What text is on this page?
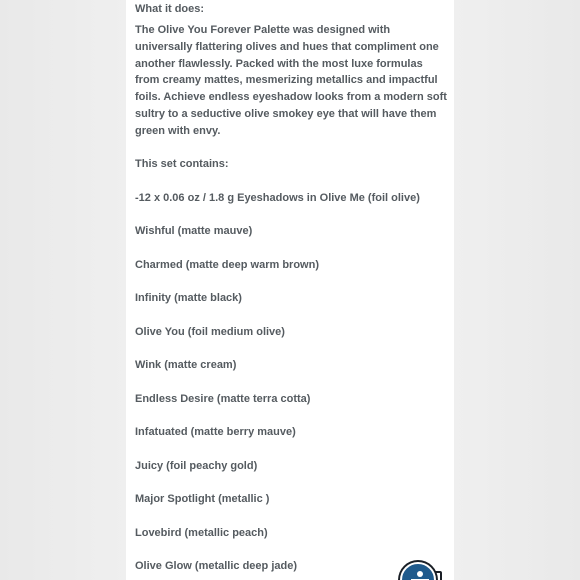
What it does:

The Olive You Forever Palette was designed with universally flattering olives and hues that compliment one another flawlessly. Packed with the most luxe formulas from creamy mattes, mesmerizing metallics and impactful foils. Achieve endless eyeshadow looks from a modern soft sultry to a seductive olive smokey eye that will have them green with envy.

This set contains:

-12 x 0.06 oz / 1.8 g Eyeshadows in Olive Me (foil olive)

Wishful (matte mauve)

Charmed (matte deep warm brown)

Infinity (matte black)

Olive You (foil medium olive)

Wink (matte cream)

Endless Desire (matte terra cotta)

Infatuated (matte berry mauve)

Juicy (foil peachy gold)

Major Spotlight (metallic )

Lovebird (metallic peach)

Olive Glow (metallic deep jade)
